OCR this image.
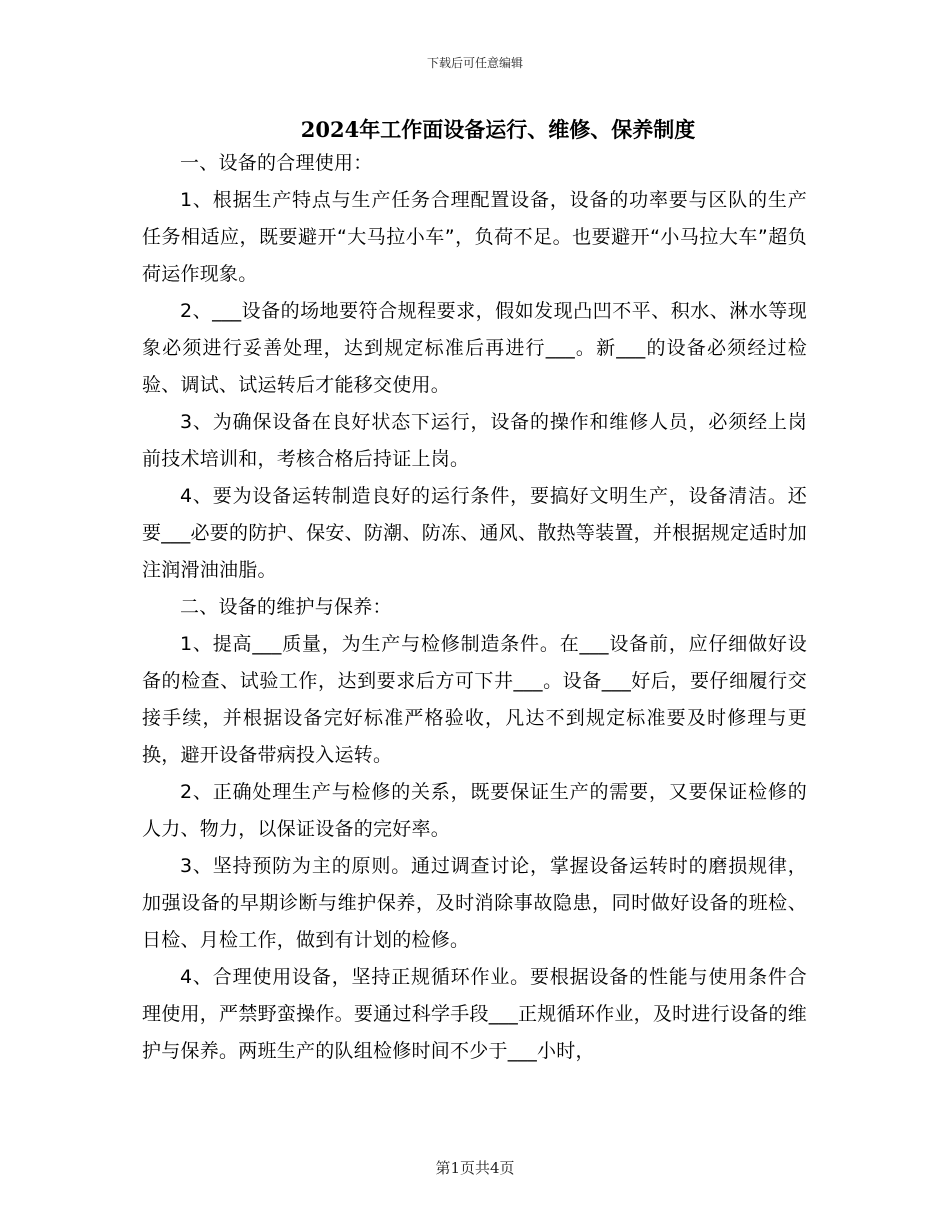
下载后可任意编辑
2024年工作面设备运行、维修、保养制度

一、设备的合理使用：

1、根据生产特点与生产任务合理配置设备，设备的功率要与区队的生产任务相适应，既要避开“大马拉小车”，负荷不足。也要避开“小马拉大车”超负荷运作现象。

2、___设备的场地要符合规程要求，假如发现凸凹不平、积水、淋水等现象必须进行妥善处理，达到规定标准后再进行___。新___的设备必须经过检验、调试、试运转后才能移交使用。

3、为确保设备在良好状态下运行，设备的操作和维修人员，必须经上岗前技术培训和，考核合格后持证上岗。

4、要为设备运转制造良好的运行条件，要搞好文明生产，设备清洁。还要___必要的防护、保安、防潮、防冻、通风、散热等装置，并根据规定适时加注润滑油油脂。

二、设备的维护与保养：

1、提高___质量，为生产与检修制造条件。在___设备前，应仔细做好设备的检查、试验工作，达到要求后方可下井___。设备___好后，要仔细履行交接手续，并根据设备完好标准严格验收，凡达不到规定标准要及时修理与更换，避开设备带病投入运转。

2、正确处理生产与检修的关系，既要保证生产的需要，又要保证检修的人力、物力，以保证设备的完好率。

3、坚持预防为主的原则。通过调查讨论，掌握设备运转时的磨损规律，加强设备的早期诊断与维护保养，及时消除事故隐患，同时做好设备的班检、日检、月检工作，做到有计划的检修。

4、合理使用设备，坚持正规循环作业。要根据设备的性能与使用条件合理使用，严禁野蛮操作。要通过科学手段___正规循环作业，及时进行设备的维护与保养。两班生产的队组检修时间不少于___小时，

第1页共4页
